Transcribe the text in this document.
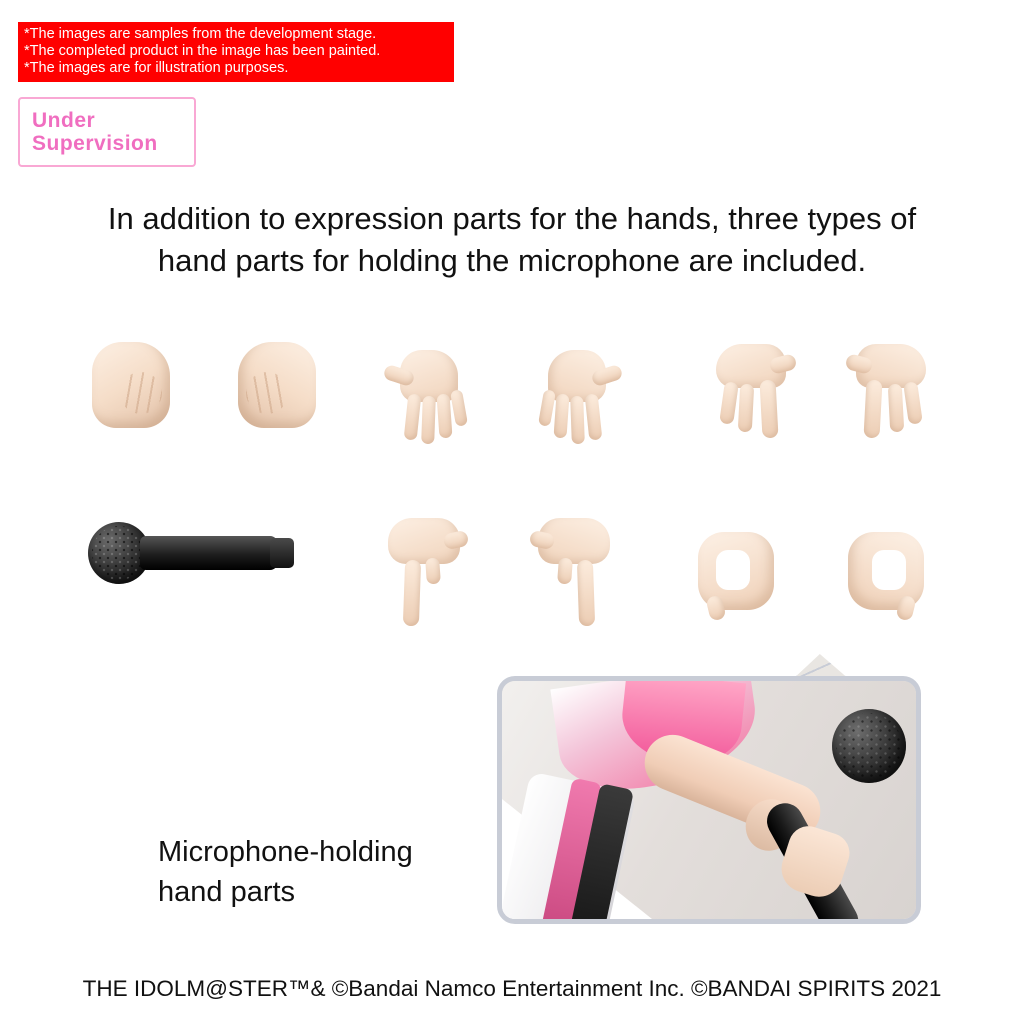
*The images are samples from the development stage.

*The completed product in the image has been painted.

*The images are for illustration purposes.

Under
Supervision
In addition to expression parts for the hands, three types of
hand parts for holding the microphone are included.
Microphone-holding
hand parts
THE IDOLM@STER™& ©Bandai Namco Entertainment Inc. ©BANDAI SPIRITS 2021
